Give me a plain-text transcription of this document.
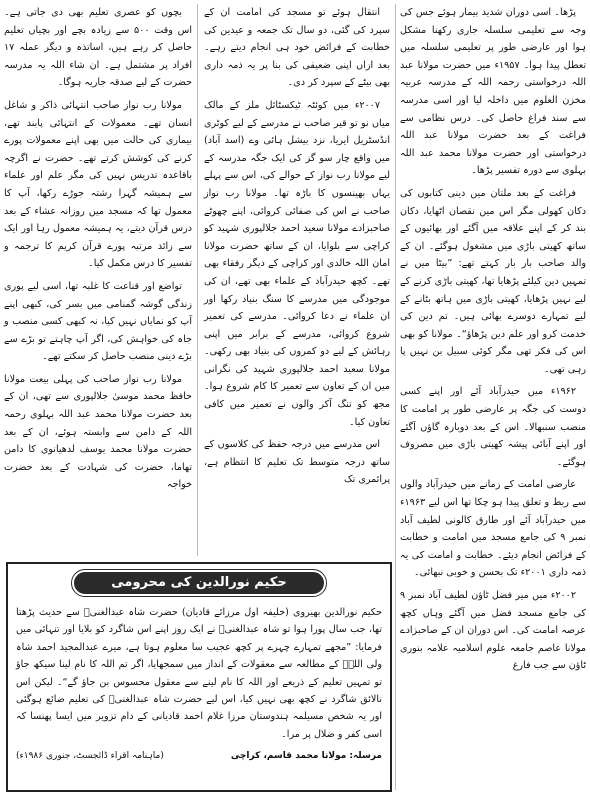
پڑھا۔ اسی دوران شدید بیمار ہوئے جس کی وجہ سے تعلیمی سلسلہ جاری رکھنا مشکل ہوا اور عارضی طور پر تعلیمی سلسلہ میں تعطل پیدا ہوا۔ ۱۹۵۷ء میں حضرت مولانا عبد اللہ درخواستی رحمہ اللہ کے مدرسہ عربیہ مخزن العلوم میں داخلہ لیا اور اسی مدرسہ سے سند فراغ حاصل کی۔ درس نظامی سے فراغت کے بعد حضرت مولانا عبد اللہ درخواستی اور حضرت مولانا محمد عبد اللہ بہلوی سے دورہ تفسیر پڑھا۔

فراغت کے بعد ملتان میں دینی کتابوں کی دکان کھولی مگر اس میں نقصان اٹھایا، دکان بند کر کے اپنے علاقہ میں آگئے اور بھائیوں کے ساتھ کھیتی باڑی میں مشغول ہوگئے۔ ان کے والد صاحب بار بار کہتے تھے: ”بیٹا میں نے تمہیں دین کیلئے پڑھایا تھا، کھیتی باڑی کرنے کے لیے نہیں پڑھایا، کھیتی باڑی میں ہاتھ بٹانے کے لیے تمہارے دوسرے بھائی ہیں۔ تم دین کی خدمت کرو اور علم دین پڑھاؤ“۔ مولانا کو بھی اس کی فکر تھی مگر کوئی سبیل بن نہیں پا رہی تھی۔

۱۹۶۲ء میں حیدرآباد آئے اور اپنے کسی دوست کی جگہ پر عارضی طور پر امامت کا منصب سنبھالا۔ اس کے بعد دوبارہ گاؤں آگئے اور اپنے آبائی پیشہ کھیتی باڑی میں مصروف ہوگئے۔

عارضی امامت کے زمانے میں حیدرآباد والوں سے ربط و تعلق پیدا ہو چکا تھا اس لیے ۱۹۶۳ء میں حیدرآباد آئے اور طارق کالونی لطیف آباد نمبر ۹ کی جامع مسجد میں امامت و خطابت کے فرائض انجام دیئے۔ خطابت و امامت کی یہ ذمہ داری ۲۰۰۱ء تک بحسن و خوبی نبھائی۔

۲۰۰۲ء میں میر فضل ٹاؤن لطیف آباد نمبر ۹ کی جامع مسجد فضل میں آگئے وہاں کچھ عرصہ امامت کی۔ اس دوران ان کے صاحبزادے مولانا عاصم جامعہ علوم اسلامیہ علامہ بنوری ٹاؤن سے جب فارغ

انتقال ہوئے تو مسجد کی امامت ان کے سپرد کی گئی، دو سال تک جمعہ و عیدین کی خطابت کے فرائض خود ہی انجام دیتے رہے۔ بعد ازاں اپنی ضعیفی کی بنا پر یہ ذمہ داری بھی بیٹے کے سپرد کر دی۔

۲۰۰۷ء میں کوئٹہ ٹیکسٹائل ملز کے مالک میاں نو تو قیر صاحب نے مدرسے کے لیے کوٹری انڈسٹریل ایریا، نزد بیشل ہائی وے (اسد آباد) میں واقع چار سو گز کی ایک جگہ مدرسہ کے لیے مولانا رب نواز کے حوالے کی، اس سے پہلے یہاں بھینسوں کا باڑہ تھا۔ مولانا رب نواز صاحب نے اس کی صفائی کروائی، اپنے چھوٹے صاحبزادے مولانا سعید احمد جلالپوری شہید کو کراچی سے بلوایا، ان کے ساتھ حضرت مولانا امان اللہ خالدی اور کراچی کے دیگر رفقاء بھی تھے۔ کچھ حیدرآباد کے علماء بھی تھے، ان کی موجودگی میں مدرسے کا سنگ بنیاد رکھا اور ان علماء نے دعا کروائی۔ مدرسے کی تعمیر شروع کروائی، مدرسے کے برابر میں اپنی رہائش کے لیے دو کمروں کی بنیاد بھی رکھی۔ مولانا سعید احمد جلالپوری شہید کی نگرانی میں ان کے تعاون سے تعمیر کا کام شروع ہوا۔ مجھ کو تنگ آکر والوں نے تعمیر میں کافی تعاون کیا۔

اس مدرسے میں درجہ حفظ کی کلاسوں کے ساتھ درجہ متوسط تک تعلیم کا انتظام ہے، پرائمری تک

بچوں کو عصری تعلیم بھی دی جاتی ہے۔ اس وقت ۵۰۰ سے زیادہ بچے اور بچیاں تعلیم حاصل کر رہے ہیں، اساتذہ و دیگر عملہ ۱۷ افراد پر مشتمل ہے۔ ان شاء اللہ یہ مدرسہ حضرت کے لیے صدقہ جاریہ ہوگا۔

مولانا رب نواز صاحب انتہائی ذاکر و شاغل انسان تھے۔ معمولات کے انتہائی پابند تھے، بیماری کی حالت میں بھی اپنے معمولات پورے کرنے کی کوشش کرتے تھے۔ حضرت نے اگرچہ باقاعدہ تدریس نہیں کی مگر علم اور علماء سے ہمیشہ گہرا رشتہ جوڑے رکھا، آپ کا معمول تھا کہ مسجد میں روزانہ عشاء کے بعد درس قرآن دیتے، یہ ہمیشہ معمول رہا اور ایک سے زائد مرتبہ پورے قرآن کریم کا ترجمہ و تفسیر کا درس مکمل کیا۔

تواضع اور قناعت کا غلبہ تھا، اسی لیے پوری زندگی گوشہ گمنامی میں بسر کی، کبھی اپنے آپ کو نمایاں نہیں کیا، نہ کبھی کسی منصب و جاہ کی خواہش کی، اگر آپ چاہتے تو بڑے سے بڑے دینی منصب حاصل کر سکتے تھے۔

مولانا رب نواز صاحب کی پہلی بیعت مولانا حافظ محمد موسیٰ جلالپوری سے تھی، ان کے بعد حضرت مولانا محمد عبد اللہ بہلوی رحمہ اللہ کے دامن سے وابستہ ہوئے، ان کے بعد حضرت مولانا محمد یوسف لدھیانوی کا دامن تھاما، حضرت کی شہادت کے بعد حضرت خواجہ

حکیم نورالدین کی محرومی

حکیم نورالدین بھیروی (خلیفہ اول مرزائے قادیان) حضرت شاہ عبدالغنیؒ سے حدیث پڑھتا تھا، جب سال پورا ہوا تو شاہ عبدالغنیؒ نے ایک روز اپنے اس شاگرد کو بلایا اور تنہائی میں فرمایا: ”مجھے تمہارے چہرے پر کچھ عجیب سا معلوم ہوتا ہے، میرے عبدالمجید احمد شاہ ولی اللہؒ کے مطالعہ سے معقولات کے انداز میں سمجھایا، اگر تم اللہ کا نام لینا سیکھ جاؤ تو تمہیں تعلیم کے ذریعے اور اللہ کا نام لینے سے معقول محسوس بن جاؤ گے“۔ لیکن اس نالائق شاگرد نے کچھ بھی نہیں کیا، اس لیے حضرت شاہ عبدالغنیؒ کی تعلیم ضائع ہوگئی اور یہ شخص مسیلمہ ہندوستان مرزا غلام احمد قادیانی کے دام تزویر میں ایسا پھنسا کہ اسی کفر و ضلال پر مرا۔

مرسلہ: مولانا محمد قاسم، کراچی
(ماہنامہ اقراء ڈائجسٹ، جنوری ۱۹۸۶ء)
